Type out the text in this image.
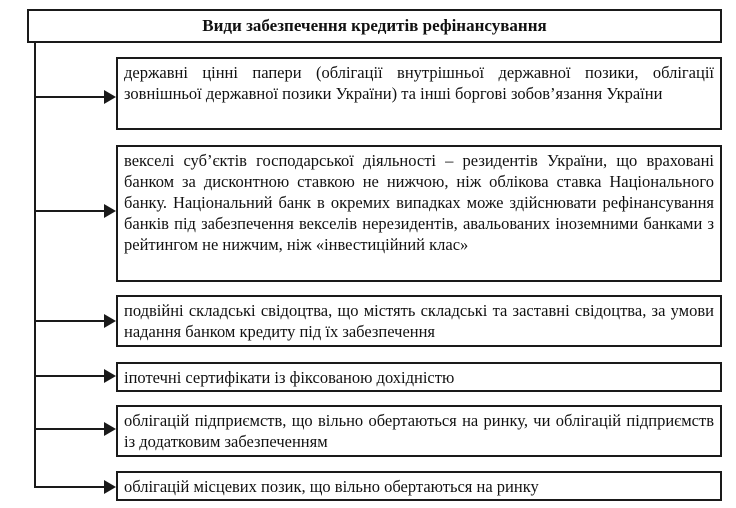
Види забезпечення кредитів рефінансування
державні цінні папери (облігації внутрішньої державної позики, облігації зовнішньої державної позики України) та інші боргові зобов’язання України
векселі суб’єктів господарської діяльності – резидентів України, що враховані банком за дисконтною ставкою не нижчою, ніж облікова ставка Національного банку. Національний банк в окремих випадках може здійснювати рефінансування банків під забезпечення векселів нерезидентів, авальованих іноземними банками з рейтингом не нижчим, ніж «інвестиційний клас»
подвійні складські свідоцтва, що містять складські та заставні свідоцтва, за умови надання банком кредиту під їх забезпечення
іпотечні сертифікати із фіксованою дохідністю
облігацій підприємств, що вільно обертаються на ринку, чи облігацій підприємств із додатковим забезпеченням
облігацій місцевих позик, що вільно обертаються на ринку
